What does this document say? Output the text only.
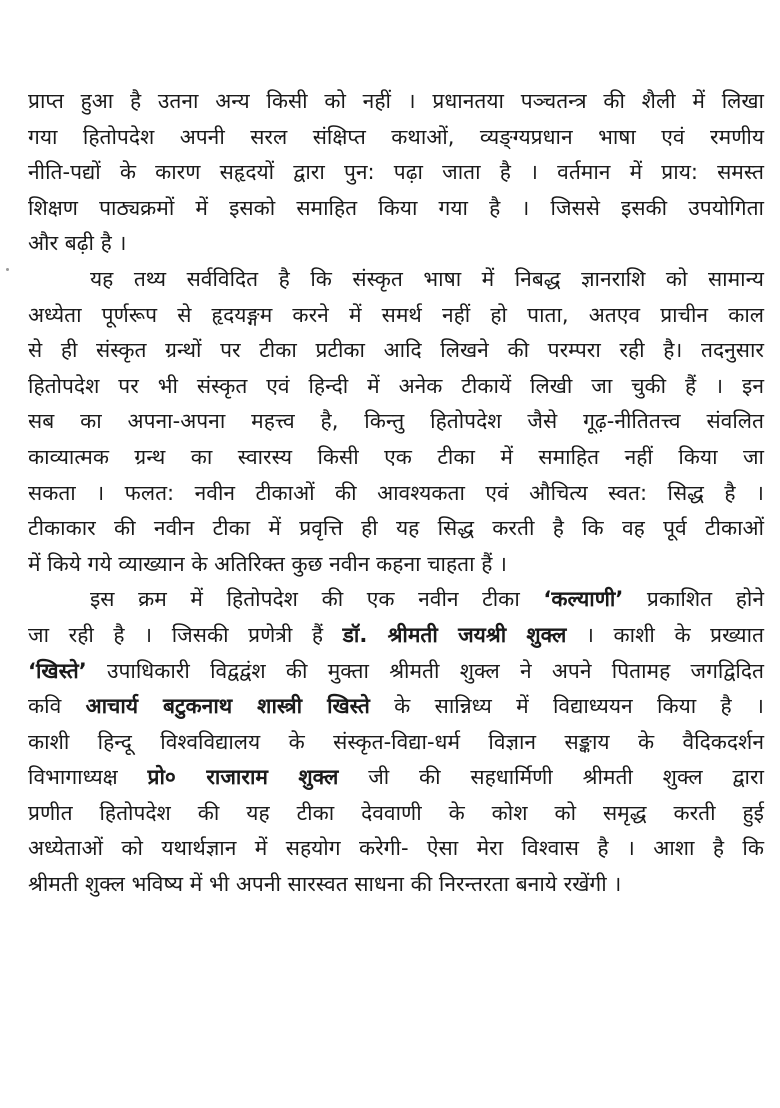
प्राप्त हुआ है उतना अन्य किसी को नहीं । प्रधानतया पञ्चतन्त्र की शैली में लिखा
गया हितोपदेश अपनी सरल संक्षिप्त कथाओं, व्यङ्ग्यप्रधान भाषा एवं रमणीय
नीति-पद्यों के कारण सहृदयों द्वारा पुन: पढ़ा जाता है । वर्तमान में प्राय: समस्त
शिक्षण पाठ्यक्रमों में इसको समाहित किया गया है । जिससे इसकी उपयोगिता
और बढ़ी है ।
यह तथ्य सर्वविदित है कि संस्कृत भाषा में निबद्ध ज्ञानराशि को सामान्य
अध्येता पूर्णरूप से हृदयङ्गम करने में समर्थ नहीं हो पाता, अतएव प्राचीन काल
से ही संस्कृत ग्रन्थों पर टीका प्रटीका आदि लिखने की परम्परा रही है। तदनुसार
हितोपदेश पर भी संस्कृत एवं हिन्दी में अनेक टीकायें लिखी जा चुकी हैं । इन
सब का अपना-अपना महत्त्व है, किन्तु हितोपदेश जैसे गूढ़-नीतितत्त्व संवलित
काव्यात्मक ग्रन्थ का स्वारस्य किसी एक टीका में समाहित नहीं किया जा
सकता । फलत: नवीन टीकाओं की आवश्यकता एवं औचित्य स्वत: सिद्ध है ।
टीकाकार की नवीन टीका में प्रवृत्ति ही यह सिद्ध करती है कि वह पूर्व टीकाओं
में किये गये व्याख्यान के अतिरिक्त कुछ नवीन कहना चाहता हैं ।
इस क्रम में हितोपदेश की एक नवीन टीका ‘कल्याणी’ प्रकाशित होने
जा रही है । जिसकी प्रणेत्री हैं डॉ. श्रीमती जयश्री शुक्ल । काशी के प्रख्यात
‘खिस्ते’ उपाधिकारी विद्वद्वंश की मुक्ता श्रीमती शुक्ल ने अपने पितामह जगद्विदित
कवि आचार्य बटुकनाथ शास्त्री खिस्ते के सान्निध्य में विद्याध्ययन किया है ।
काशी हिन्दू विश्वविद्यालय के संस्कृत-विद्या-धर्म विज्ञान सङ्काय के वैदिकदर्शन
विभागाध्यक्ष प्रो० राजाराम शुक्ल जी की सहधार्मिणी श्रीमती शुक्ल द्वारा
प्रणीत हितोपदेश की यह टीका देववाणी के कोश को समृद्ध करती हुई
अध्येताओं को यथार्थज्ञान में सहयोग करेगी- ऐसा मेरा विश्वास है । आशा है कि
श्रीमती शुक्ल भविष्य में भी अपनी सारस्वत साधना की निरन्तरता बनाये रखेंगी ।
